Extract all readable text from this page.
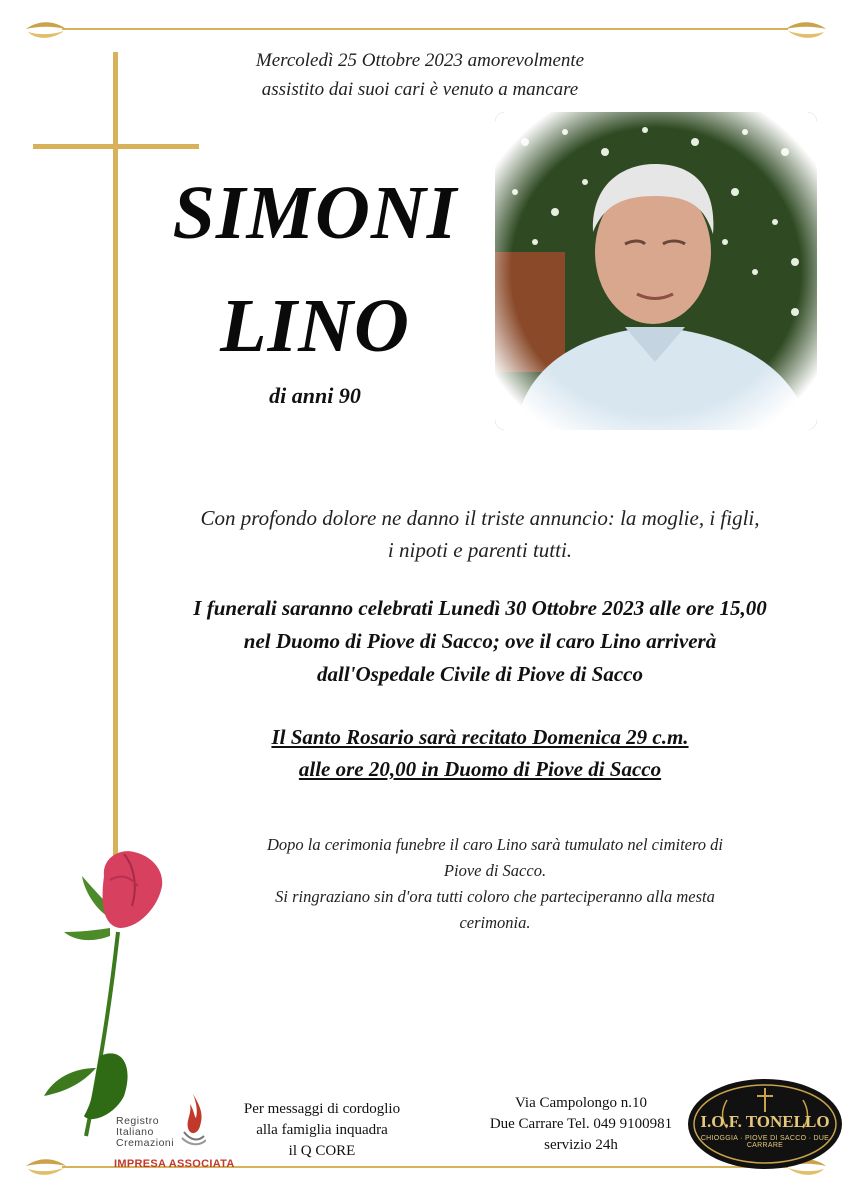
Mercoledì 25 Ottobre 2023 amorevolmente
assistito dai suoi cari è venuto a mancare
SIMONI
LINO
di anni 90
Con profondo dolore ne danno il triste annuncio: la moglie, i figli,
i nipoti e parenti tutti.
I funerali saranno celebrati Lunedì 30 Ottobre 2023 alle ore 15,00
nel Duomo di Piove di Sacco; ove il caro Lino arriverà
dall'Ospedale Civile di Piove di Sacco
Il Santo Rosario sarà recitato Domenica 29 c.m.
alle ore 20,00 in Duomo di Piove di Sacco
Dopo la cerimonia funebre il caro Lino sarà tumulato nel cimitero di
Piove di Sacco.
Si ringraziano sin d'ora tutti coloro che parteciperanno alla mesta
cerimonia.
Registro
Italiano
Cremazioni
IMPRESA ASSOCIATA
Per messaggi di cordoglio
alla famiglia inquadra
il Q CORE
Via Campolongo n.10
Due Carrare Tel. 049 9100981
servizio 24h
I.O.F. TONELLO
CHIOGGIA · PIOVE DI SACCO · DUE CARRARE
